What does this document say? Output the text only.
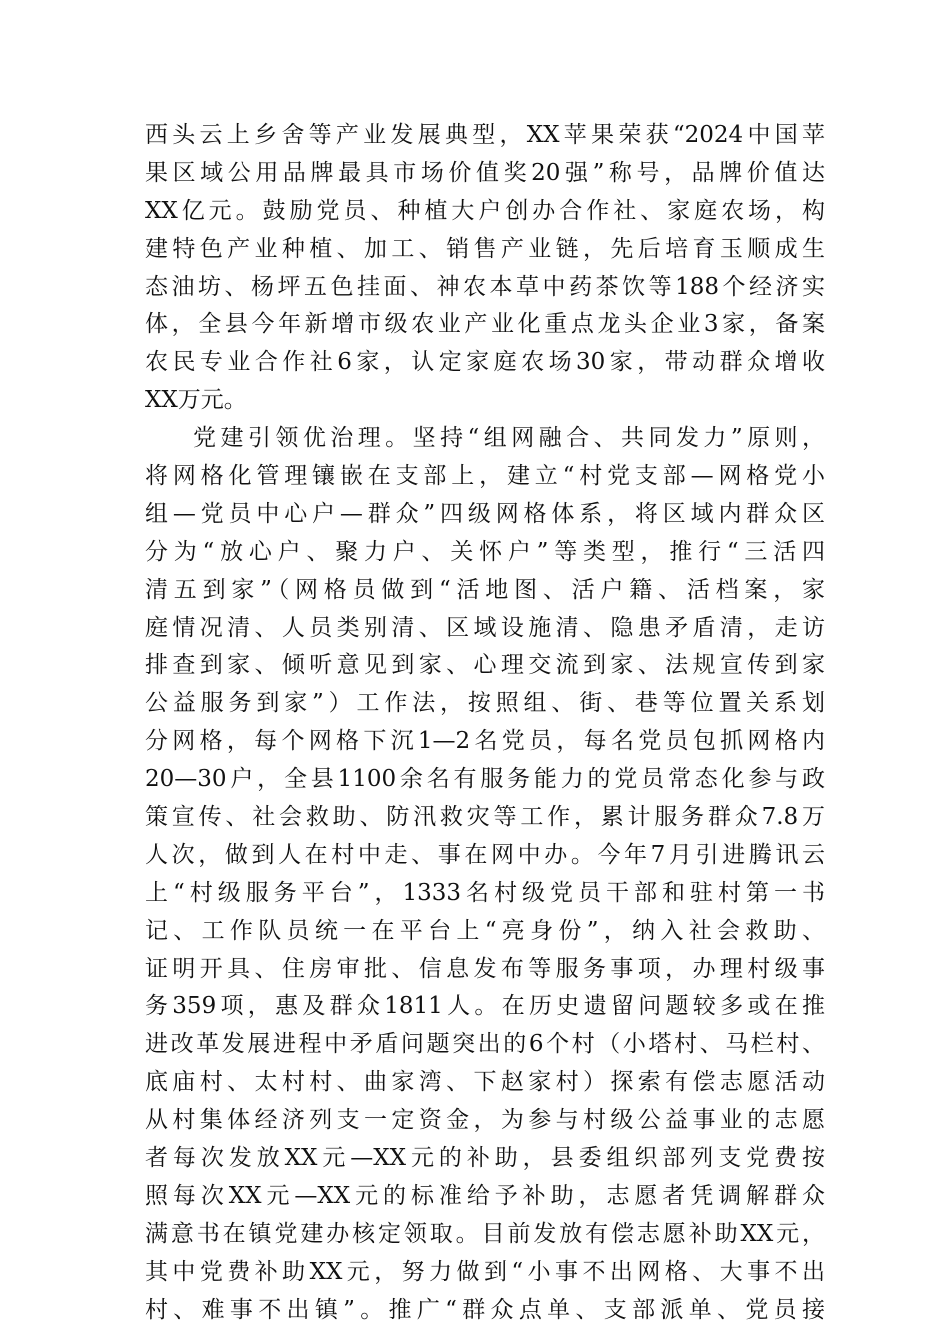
西头云上乡舍等产业发展典型，XX苹果荣获“2024中国苹
果区域公用品牌最具市场价值奖20强”称号，品牌价值达
XX亿元。鼓励党员、种植大户创办合作社、家庭农场，构
建特色产业种植、加工、销售产业链，先后培育玉顺成生
态油坊、杨坪五色挂面、神农本草中药茶饮等188个经济实
体，全县今年新增市级农业产业化重点龙头企业3家，备案
农民专业合作社6家，认定家庭农场30家，带动群众增收
XX万元。
党建引领优治理。坚持“组网融合、共同发力”原则，
将网格化管理镶嵌在支部上，建立“村党支部—网格党小
组—党员中心户—群众”四级网格体系，将区域内群众区
分为“放心户、聚力户、关怀户”等类型，推行“三活四
清五到家”（网格员做到“活地图、活户籍、活档案，家
庭情况清、人员类别清、区域设施清、隐患矛盾清，走访
排查到家、倾听意见到家、心理交流到家、法规宣传到家
公益服务到家”）工作法，按照组、街、巷等位置关系划
分网格，每个网格下沉1—2名党员，每名党员包抓网格内
20—30户，全县1100余名有服务能力的党员常态化参与政
策宣传、社会救助、防汛救灾等工作，累计服务群众7.8万
人次，做到人在村中走、事在网中办。今年7月引进腾讯云
上“村级服务平台”，1333名村级党员干部和驻村第一书
记、工作队员统一在平台上“亮身份”，纳入社会救助、
证明开具、住房审批、信息发布等服务事项，办理村级事
务359项，惠及群众1811人。在历史遗留问题较多或在推
进改革发展进程中矛盾问题突出的6个村（小塔村、马栏村、
底庙村、太村村、曲家湾、下赵家村）探索有偿志愿活动
从村集体经济列支一定资金，为参与村级公益事业的志愿
者每次发放XX元—XX元的补助，县委组织部列支党费按
照每次XX元—XX元的标准给予补助，志愿者凭调解群众
满意书在镇党建办核定领取。目前发放有偿志愿补助XX元，
其中党费补助XX元，努力做到“小事不出网格、大事不出
村、难事不出镇”。推广“群众点单、支部派单、党员接
